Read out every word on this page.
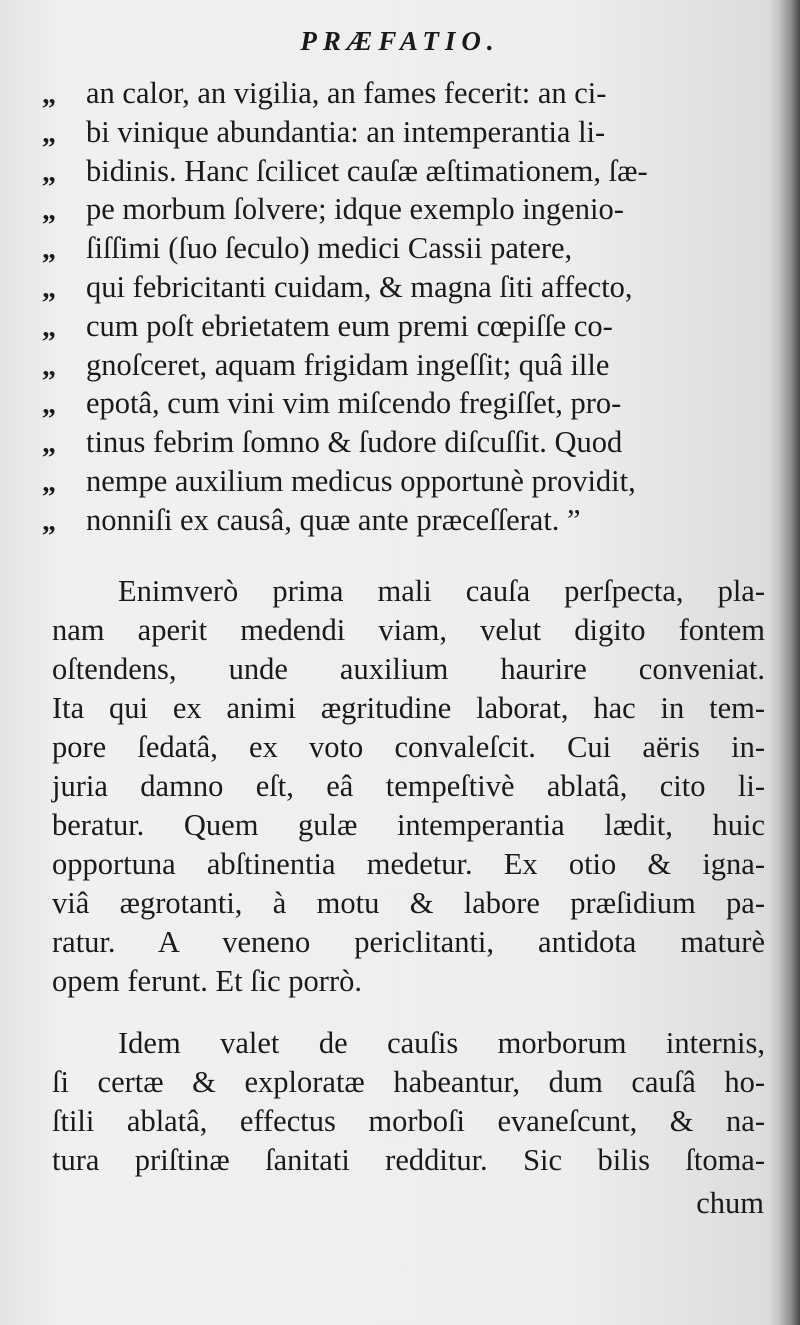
PRÆFATIO.
„ an calor, an vigilia, an fames fecerit: an ci-
„ bi vinique abundantia: an intemperantia li-
„ bidinis. Hanc ſcilicet cauſæ æſtimationem, ſæ-
„ pe morbum ſolvere; idque exemplo ingenio-
„ ſiſſimi (ſuo ſeculo) medici Cassii patere,
„ qui febricitanti cuidam, & magna ſiti affecto,
„ cum poſt ebrietatem eum premi cœpiſſe co-
„ gnoſceret, aquam frigidam ingeſſit; quâ ille
„ epotâ, cum vini vim miſcendo fregiſſet, pro-
„ tinus febrim ſomno & ſudore diſcuſſit. Quod
„ nempe auxilium medicus opportunè providit,
„ nonniſi ex causâ, quæ ante præceſſerat. ”
Enimverò prima mali cauſa perſpecta, pla-
nam aperit medendi viam, velut digito fontem
oſtendens, unde auxilium haurire conveniat.
Ita qui ex animi ægritudine laborat, hac in tem-
pore ſedatâ, ex voto convaleſcit. Cui aëris in-
juria damno eſt, eâ tempeſtivè ablatâ, cito li-
beratur. Quem gulæ intemperantia lædit, huic
opportuna abſtinentia medetur. Ex otio & igna-
viâ ægrotanti, à motu & labore præſidium pa-
ratur. A veneno periclitanti, antidota maturè
opem ferunt. Et ſic porrò.
Idem valet de cauſis morborum internis,
ſi certæ & exploratæ habeantur, dum cauſâ ho-
ſtili ablatâ, effectus morboſi evaneſcunt, & na-
tura priſtinæ ſanitati redditur. Sic bilis ſtoma-
chum
